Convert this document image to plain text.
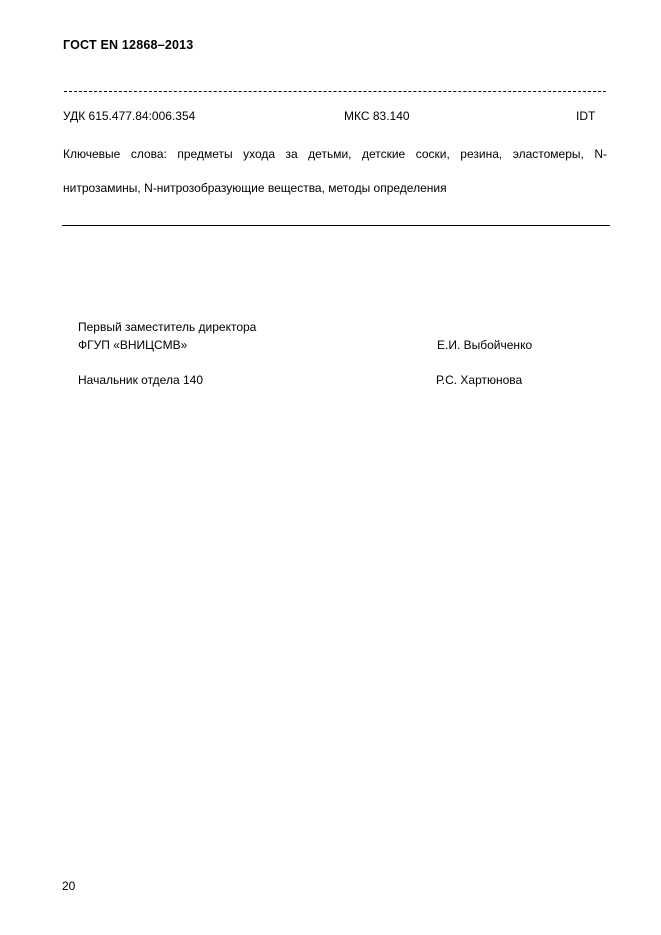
ГОСТ EN 12868–2013
УДК 615.477.84:006.354	МКС 83.140	IDT
Ключевые слова: предметы ухода за детьми, детские соски, резина, эластомеры, N-нитрозамины, N-нитрозобразующие вещества, методы определения
Первый заместитель директора
ФГУП «ВНИЦСМВ»	Е.И. Выбойченко
Начальник отдела 140	Р.С. Хартюнова
20
